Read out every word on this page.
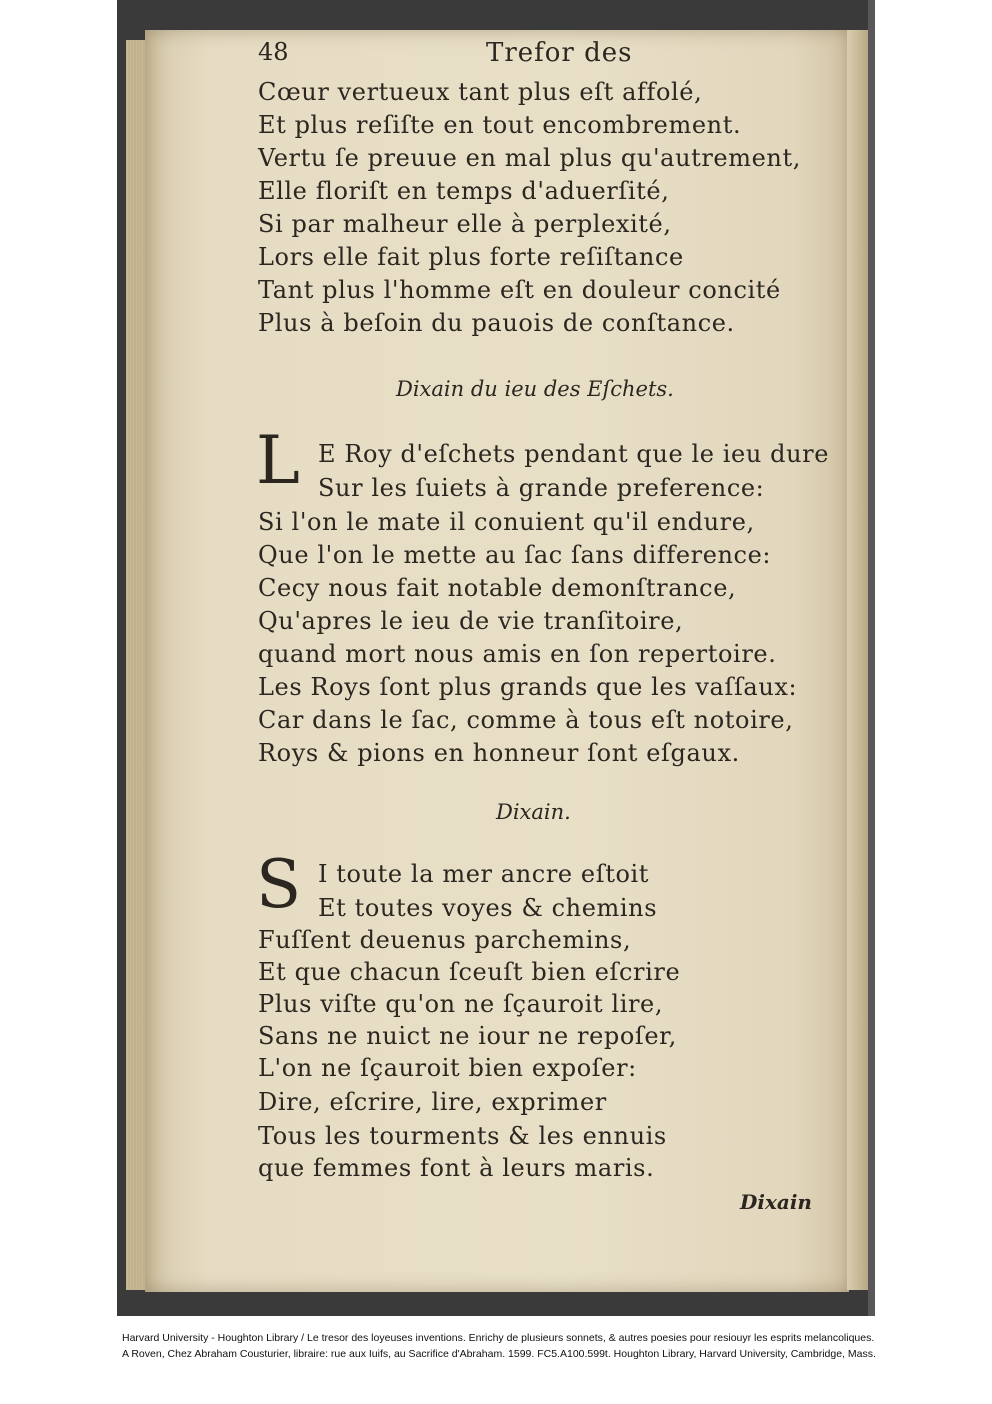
48	Trefor des
Cœur vertueux tant plus eſt affolé,
Et plus reſiſte en tout encombrement.
Vertu ſe preuue en mal plus qu'autrement,
Elle floriſt en temps d'aduerſité,
Si par malheur elle à perplexité,
Lors elle fait plus forte reſiſtance
Tant plus l'homme eſt en douleur concité
Plus à beſoin du pauois de conſtance.
Dixain du ieu des Eſchets.
L E Roy d'eſchets pendant que le ieu dure
Sur les ſuiets à grande preference:
Si l'on le mate il conuient qu'il endure,
Que l'on le mette au ſac ſans difference:
Cecy nous fait notable demonſtrance,
Qu'apres le ieu de vie tranſitoire,
quand mort nous amis en ſon repertoire.
Les Roys ſont plus grands que les vaſſaux:
Car dans le ſac, comme à tous eſt notoire,
Roys & pions en honneur ſont eſgaux.
Dixain.
S I toute la mer ancre eſtoit
Et toutes voyes & chemins
Fuſſent deuenus parchemins,
Et que chacun ſceuſt bien eſcrire
Plus viſte qu'on ne ſçauroit lire,
Sans ne nuict ne iour ne repoſer,
L'on ne ſçauroit bien expoſer:
Dire, eſcrire, lire, exprimer
Tous les tourments & les ennuis
que femmes font à leurs maris.
Dixain

Harvard University - Houghton Library / Le tresor des loyeuses inventions. Enrichy de plusieurs sonnets, & autres poesies pour resiouyr les esprits melancoliques.

A Roven, Chez Abraham Cousturier, libraire: rue aux Iuifs, au Sacrifice d'Abraham. 1599. FC5.A100.599t. Houghton Library, Harvard University, Cambridge, Mass.
